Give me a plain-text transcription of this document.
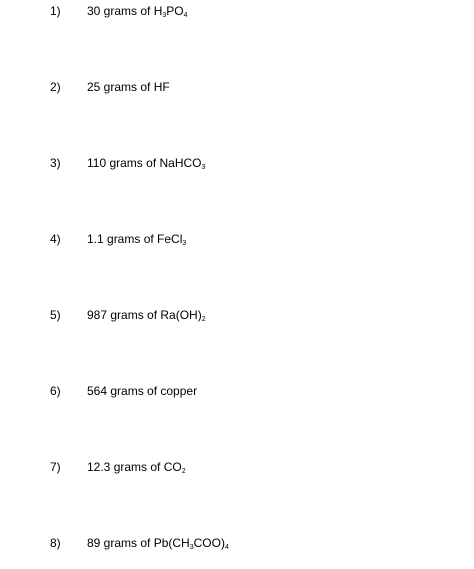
1) 30 grams of $H_3PO_4$
2) 25 grams of HF
3) 110 grams of NaHCO$_3$
4) 1.1 grams of FeCl$_3$
5) 987 grams of $Ra(OH)_2$
6) 564 grams of copper
7) 12.3 grams of $CO_2$
8) 89 grams of $Pb(CH_3COO)_4$
